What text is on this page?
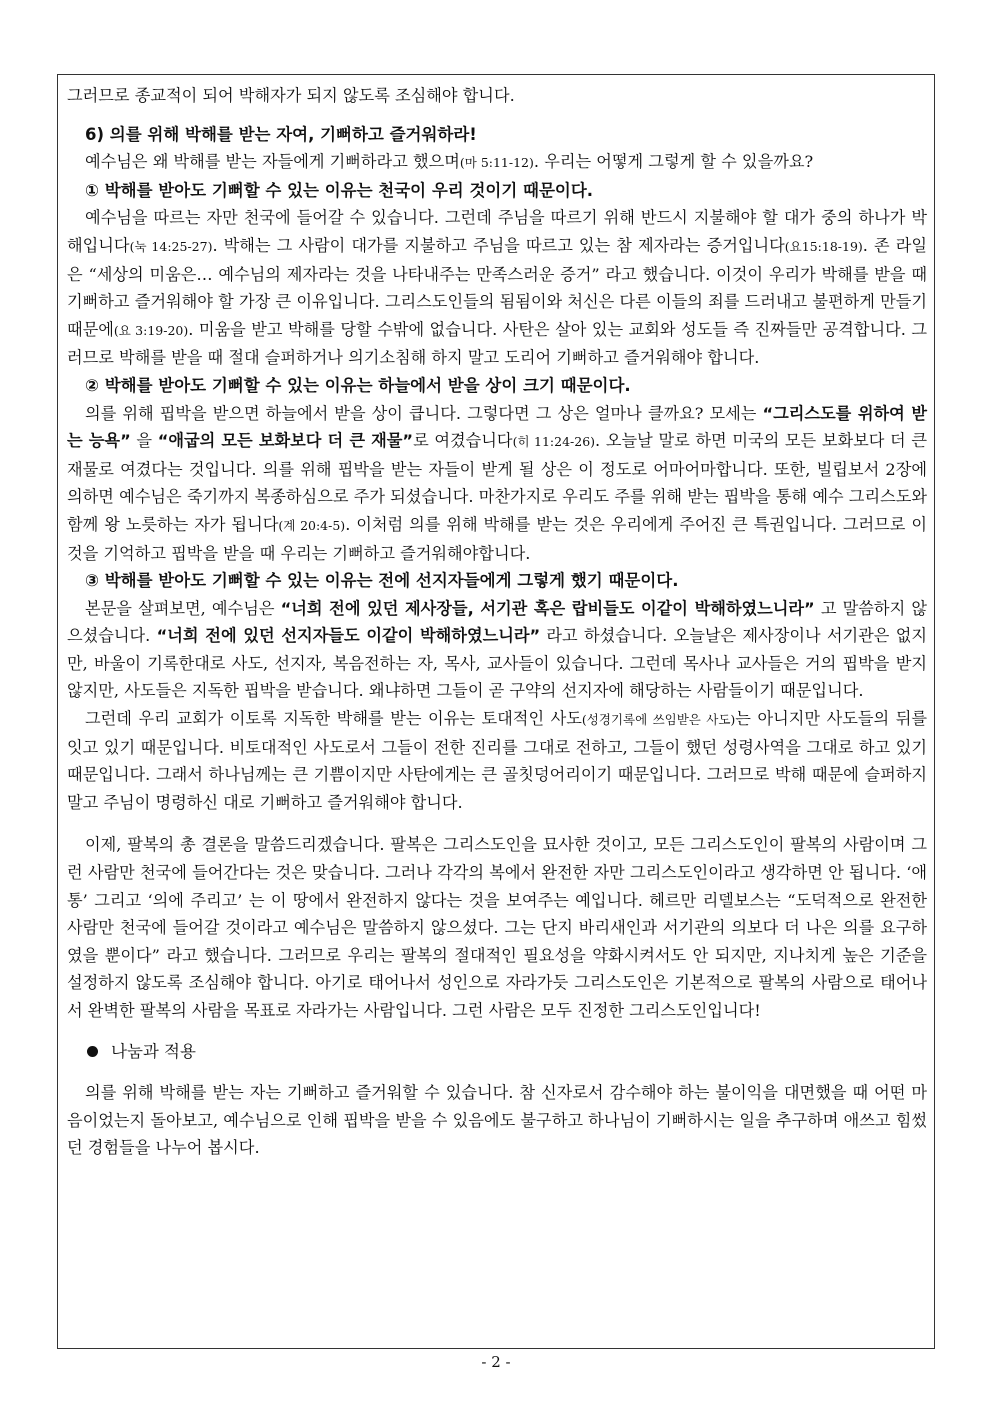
그러므로 종교적이 되어 박해자가 되지 않도록 조심해야 합니다.

6) 의를 위해 박해를 받는 자여, 기뻐하고 즐거워하라!

예수님은 왜 박해를 받는 자들에게 기뻐하라고 했으며(마 5:11-12). 우리는 어떻게 그렇게 할 수 있을까요?

① 박해를 받아도 기뻐할 수 있는 이유는 천국이 우리 것이기 때문이다.

예수님을 따르는 자만 천국에 들어갈 수 있습니다. 그런데 주님을 따르기 위해 반드시 지불해야 할 대가 중의 하나가 박해입니다(눅 14:25-27). 박해는 그 사람이 대가를 지불하고 주님을 따르고 있는 참 제자라는 증거입니다(요15:18-19). 존 라일은 “세상의 미움은… 예수님의 제자라는 것을 나타내주는 만족스러운 증거” 라고 했습니다. 이것이 우리가 박해를 받을 때 기뻐하고 즐거워해야 할 가장 큰 이유입니다. 그리스도인들의 됨됨이와 처신은 다른 이들의 죄를 드러내고 불편하게 만들기 때문에(요 3:19-20). 미움을 받고 박해를 당할 수밖에 없습니다. 사탄은 살아 있는 교회와 성도들 즉 진짜들만 공격합니다. 그러므로 박해를 받을 때 절대 슬퍼하거나 의기소침해 하지 말고 도리어 기뻐하고 즐거워해야 합니다.

② 박해를 받아도 기뻐할 수 있는 이유는 하늘에서 받을 상이 크기 때문이다.

의를 위해 핍박을 받으면 하늘에서 받을 상이 큽니다. 그렇다면 그 상은 얼마나 클까요? 모세는 “그리스도를 위하여 받는 능욕” 을 “애굽의 모든 보화보다 더 큰 재물”로 여겼습니다(히 11:24-26). 오늘날 말로 하면 미국의 모든 보화보다 더 큰 재물로 여겼다는 것입니다. 의를 위해 핍박을 받는 자들이 받게 될 상은 이 정도로 어마어마합니다. 또한, 빌립보서 2장에 의하면 예수님은 죽기까지 복종하심으로 주가 되셨습니다. 마찬가지로 우리도 주를 위해 받는 핍박을 통해 예수 그리스도와 함께 왕 노릇하는 자가 됩니다(계 20:4-5). 이처럼 의를 위해 박해를 받는 것은 우리에게 주어진 큰 특권입니다. 그러므로 이것을 기억하고 핍박을 받을 때 우리는 기뻐하고 즐거워해야합니다.

③ 박해를 받아도 기뻐할 수 있는 이유는 전에 선지자들에게 그렇게 했기 때문이다.

본문을 살펴보면, 예수님은 “너희 전에 있던 제사장들, 서기관 혹은 랍비들도 이같이 박해하였느니라” 고 말씀하지 않으셨습니다. “너희 전에 있던 선지자들도 이같이 박해하였느니라” 라고 하셨습니다. 오늘날은 제사장이나 서기관은 없지만, 바울이 기록한대로 사도, 선지자, 복음전하는 자, 목사, 교사들이 있습니다. 그런데 목사나 교사들은 거의 핍박을 받지 않지만, 사도들은 지독한 핍박을 받습니다. 왜냐하면 그들이 곧 구약의 선지자에 해당하는 사람들이기 때문입니다.

그런데 우리 교회가 이토록 지독한 박해를 받는 이유는 토대적인 사도(성경기록에 쓰임받은 사도)는 아니지만 사도들의 뒤를 잇고 있기 때문입니다. 비토대적인 사도로서 그들이 전한 진리를 그대로 전하고, 그들이 했던 성령사역을 그대로 하고 있기 때문입니다. 그래서 하나님께는 큰 기쁨이지만 사탄에게는 큰 골칫덩어리이기 때문입니다. 그러므로 박해 때문에 슬퍼하지 말고 주님이 명령하신 대로 기뻐하고 즐거워해야 합니다.

이제, 팔복의 총 결론을 말씀드리겠습니다. 팔복은 그리스도인을 묘사한 것이고, 모든 그리스도인이 팔복의 사람이며 그런 사람만 천국에 들어간다는 것은 맞습니다. 그러나 각각의 복에서 완전한 자만 그리스도인이라고 생각하면 안 됩니다. ‘애통’ 그리고 ‘의에 주리고’ 는 이 땅에서 완전하지 않다는 것을 보여주는 예입니다. 헤르만 리델보스는 “도덕적으로 완전한 사람만 천국에 들어갈 것이라고 예수님은 말씀하지 않으셨다. 그는 단지 바리새인과 서기관의 의보다 더 나은 의를 요구하였을 뿐이다” 라고 했습니다. 그러므로 우리는 팔복의 절대적인 필요성을 약화시켜서도 안 되지만, 지나치게 높은 기준을 설정하지 않도록 조심해야 합니다. 아기로 태어나서 성인으로 자라가듯 그리스도인은 기본적으로 팔복의 사람으로 태어나서 완벽한 팔복의 사람을 목표로 자라가는 사람입니다. 그런 사람은 모두 진정한 그리스도인입니다!

나눔과 적용

의를 위해 박해를 받는 자는 기뻐하고 즐거워할 수 있습니다. 참 신자로서 감수해야 하는 불이익을 대면했을 때 어떤 마음이었는지 돌아보고, 예수님으로 인해 핍박을 받을 수 있음에도 불구하고 하나님이 기뻐하시는 일을 추구하며 애쓰고 힘썼던 경험들을 나누어 봅시다.

- 2 -
